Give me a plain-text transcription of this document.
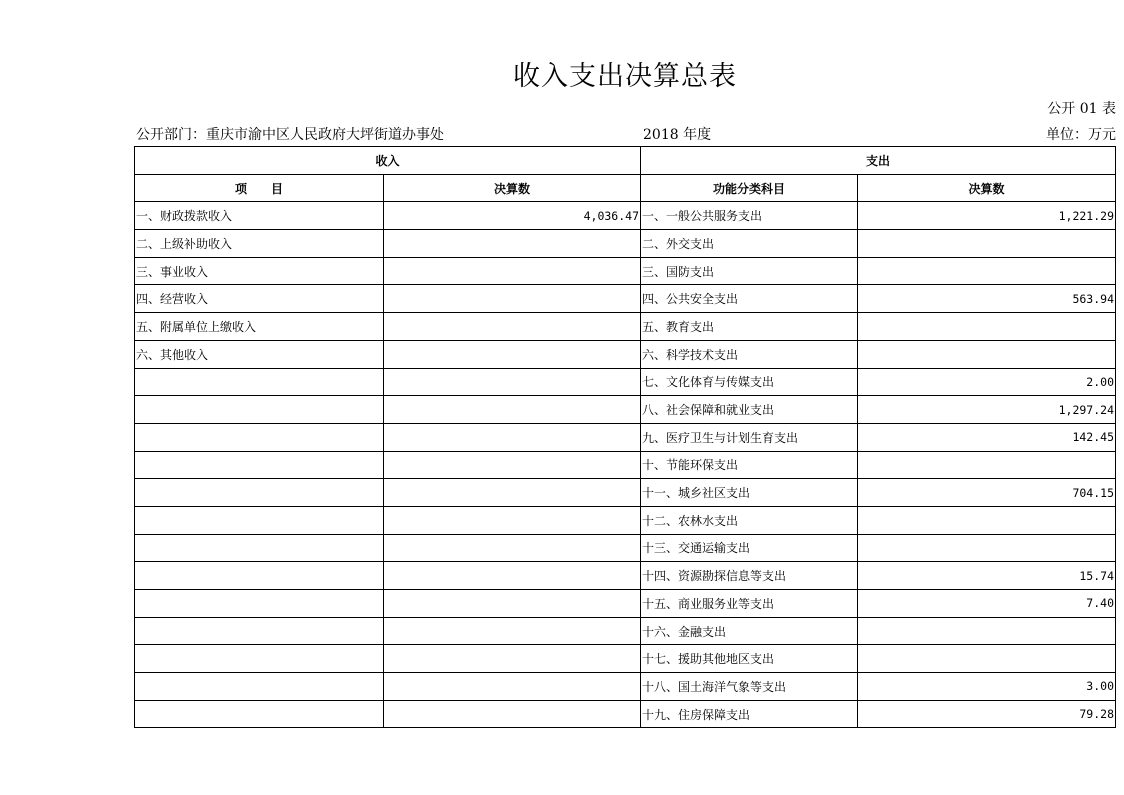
收入支出决算总表
公开 01 表
公开部门：重庆市渝中区人民政府大坪街道办事处	2018 年度	单位：万元
收入		支出	
项　　目	决算数	功能分类科目	决算数
一、财政拨款收入	4,036.47	一、一般公共服务支出	1,221.29
二、上级补助收入		二、外交支出	
三、事业收入		三、国防支出	
四、经营收入		四、公共安全支出	563.94
五、附属单位上缴收入		五、教育支出	
六、其他收入		六、科学技术支出	
		七、文化体育与传媒支出	2.00
		八、社会保障和就业支出	1,297.24
		九、医疗卫生与计划生育支出	142.45
		十、节能环保支出	
		十一、城乡社区支出	704.15
		十二、农林水支出	
		十三、交通运输支出	
		十四、资源勘探信息等支出	15.74
		十五、商业服务业等支出	7.40
		十六、金融支出	
		十七、援助其他地区支出	
		十八、国土海洋气象等支出	3.00
		十九、住房保障支出	79.28
